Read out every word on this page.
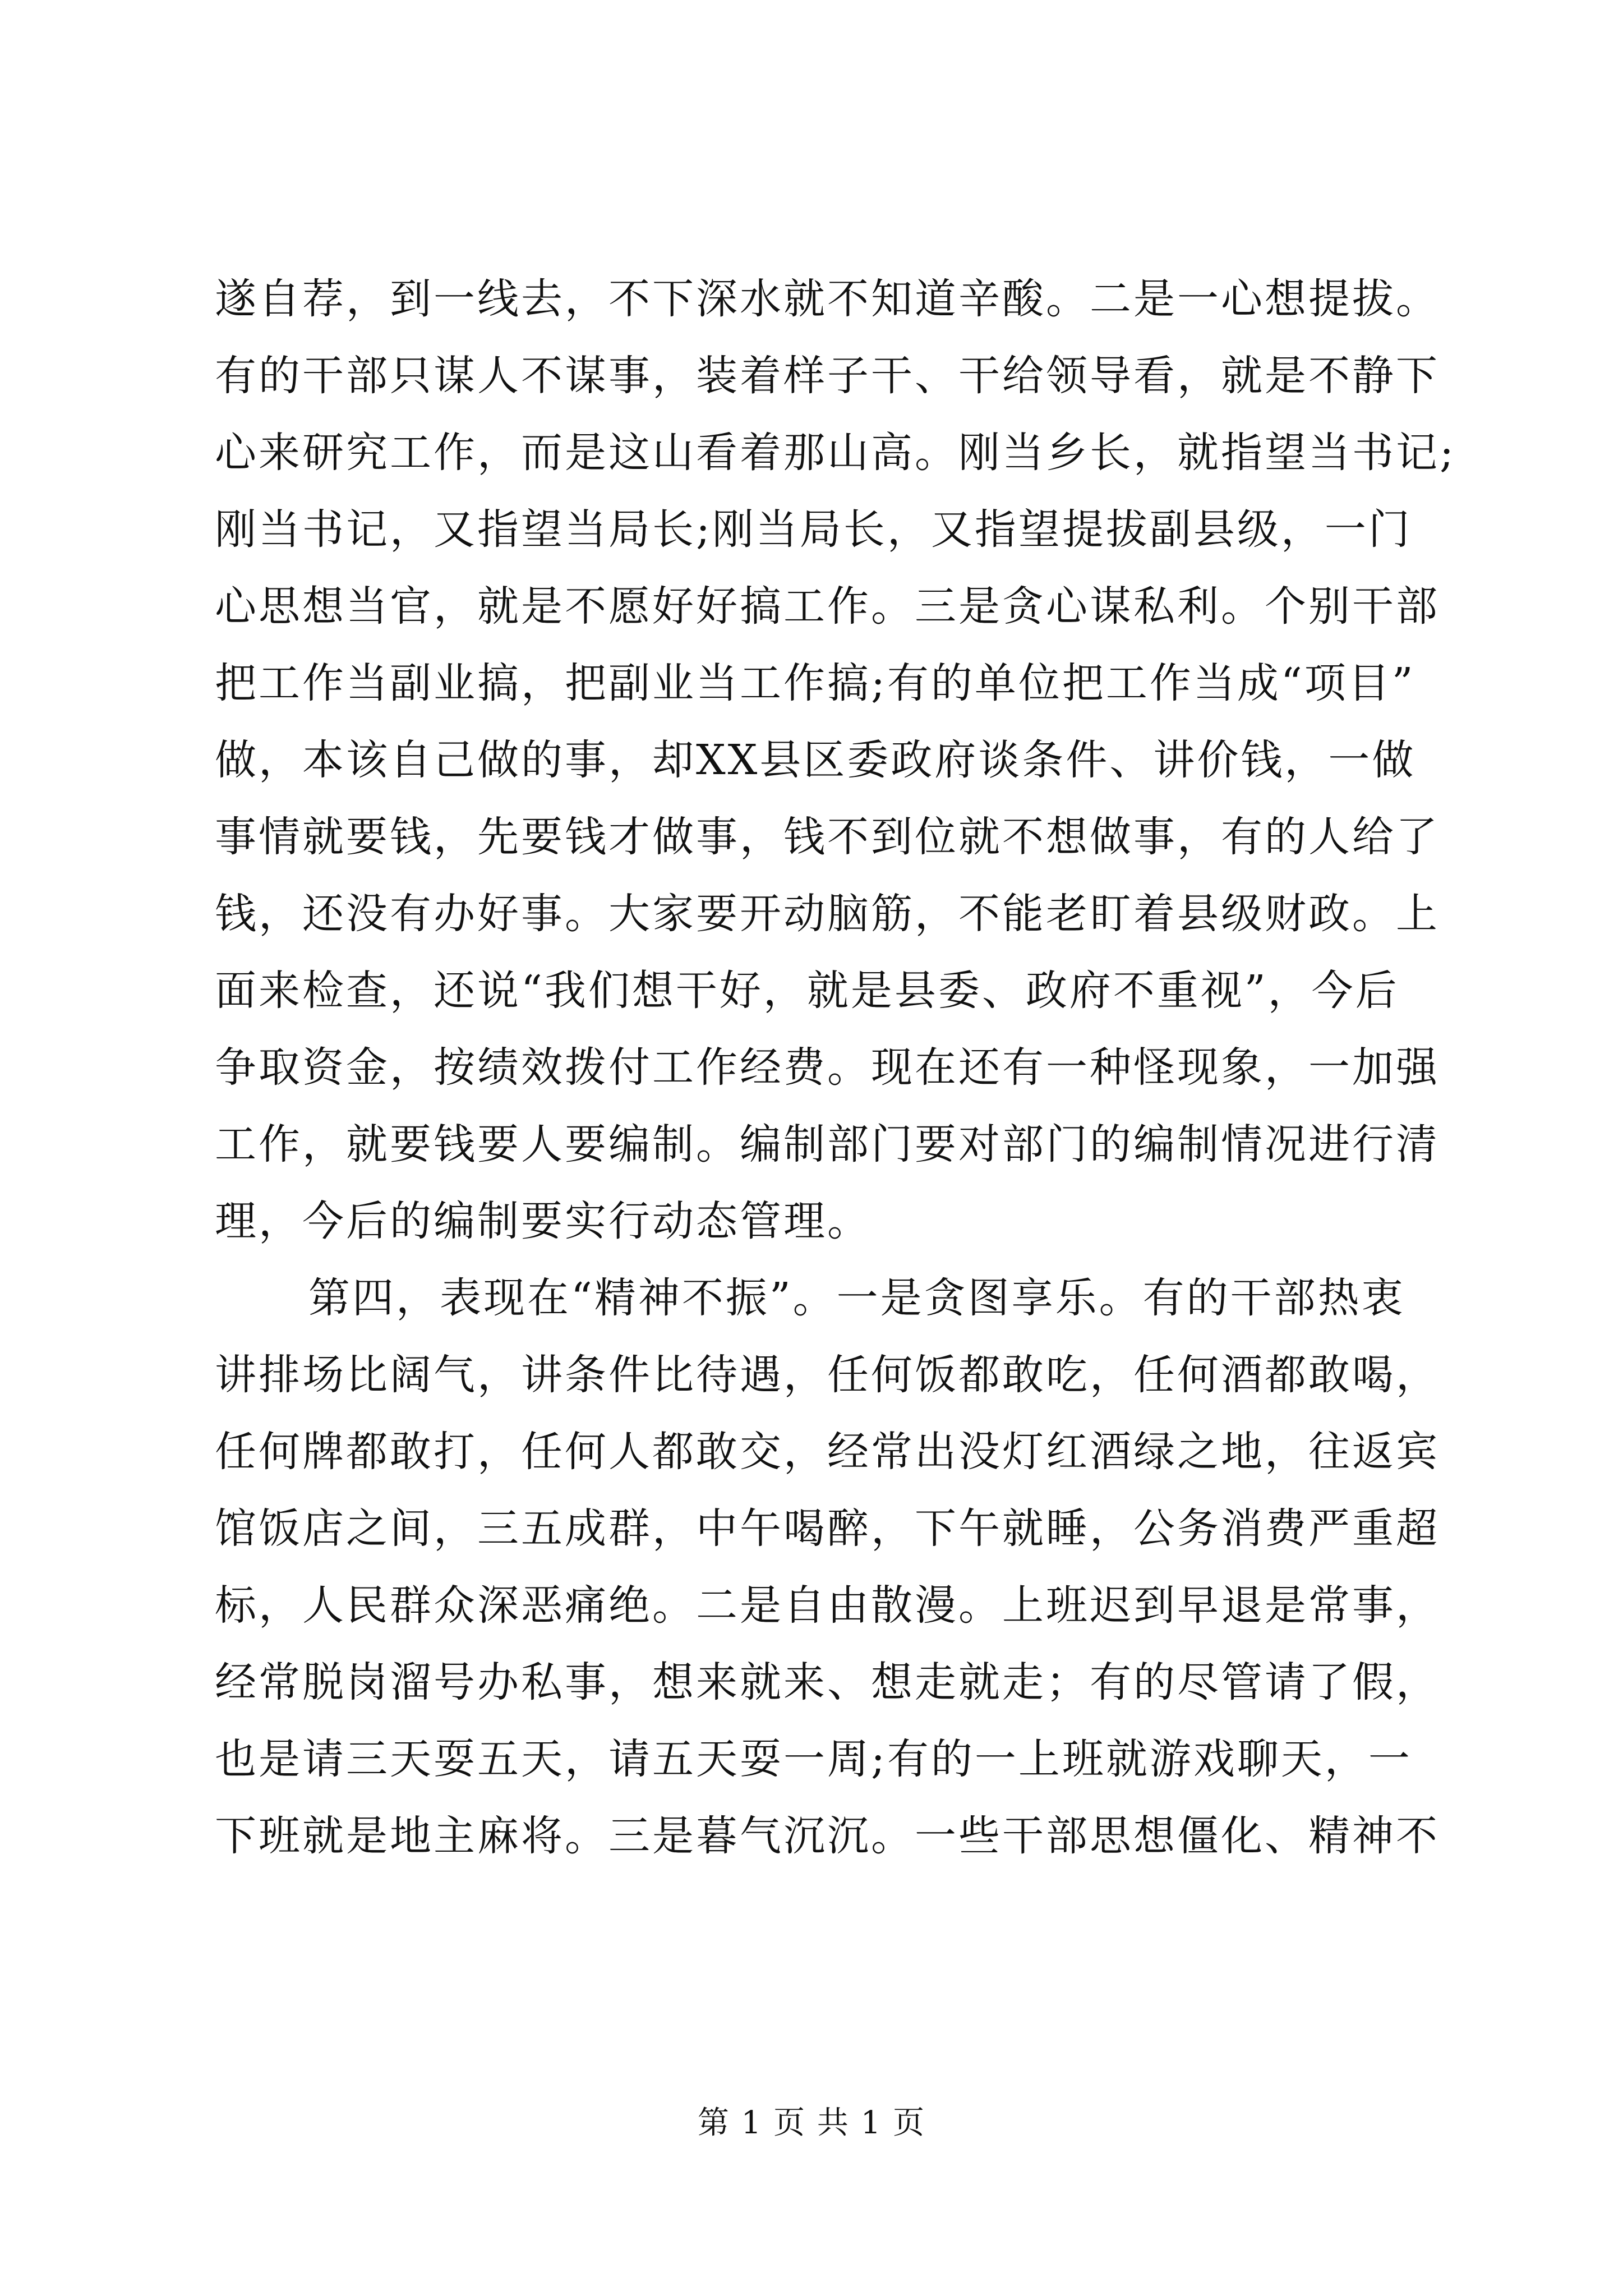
遂自荐，到一线去，不下深水就不知道辛酸。二是一心想提拔。
有的干部只谋人不谋事，装着样子干、干给领导看，就是不静下
心来研究工作，而是这山看着那山高。刚当乡长，就指望当书记;
刚当书记，又指望当局长;刚当局长，又指望提拔副县级，一门
心思想当官，就是不愿好好搞工作。三是贪心谋私利。个别干部
把工作当副业搞，把副业当工作搞;有的单位把工作当成“项目”
做，本该自己做的事，却XX县区委政府谈条件、讲价钱，一做
事情就要钱，先要钱才做事，钱不到位就不想做事，有的人给了
钱，还没有办好事。大家要开动脑筋，不能老盯着县级财政。上
面来检查，还说“我们想干好，就是县委、政府不重视”，今后
争取资金，按绩效拨付工作经费。现在还有一种怪现象，一加强
工作，就要钱要人要编制。编制部门要对部门的编制情况进行清
理，今后的编制要实行动态管理。
第四，表现在“精神不振”。一是贪图享乐。有的干部热衷
讲排场比阔气，讲条件比待遇，任何饭都敢吃，任何酒都敢喝，
任何牌都敢打，任何人都敢交，经常出没灯红酒绿之地，往返宾
馆饭店之间，三五成群，中午喝醉，下午就睡，公务消费严重超
标，人民群众深恶痛绝。二是自由散漫。上班迟到早退是常事，
经常脱岗溜号办私事，想来就来、想走就走；有的尽管请了假，
也是请三天耍五天，请五天耍一周;有的一上班就游戏聊天，一
下班就是地主麻将。三是暮气沉沉。一些干部思想僵化、精神不
第 1 页 共 1 页
